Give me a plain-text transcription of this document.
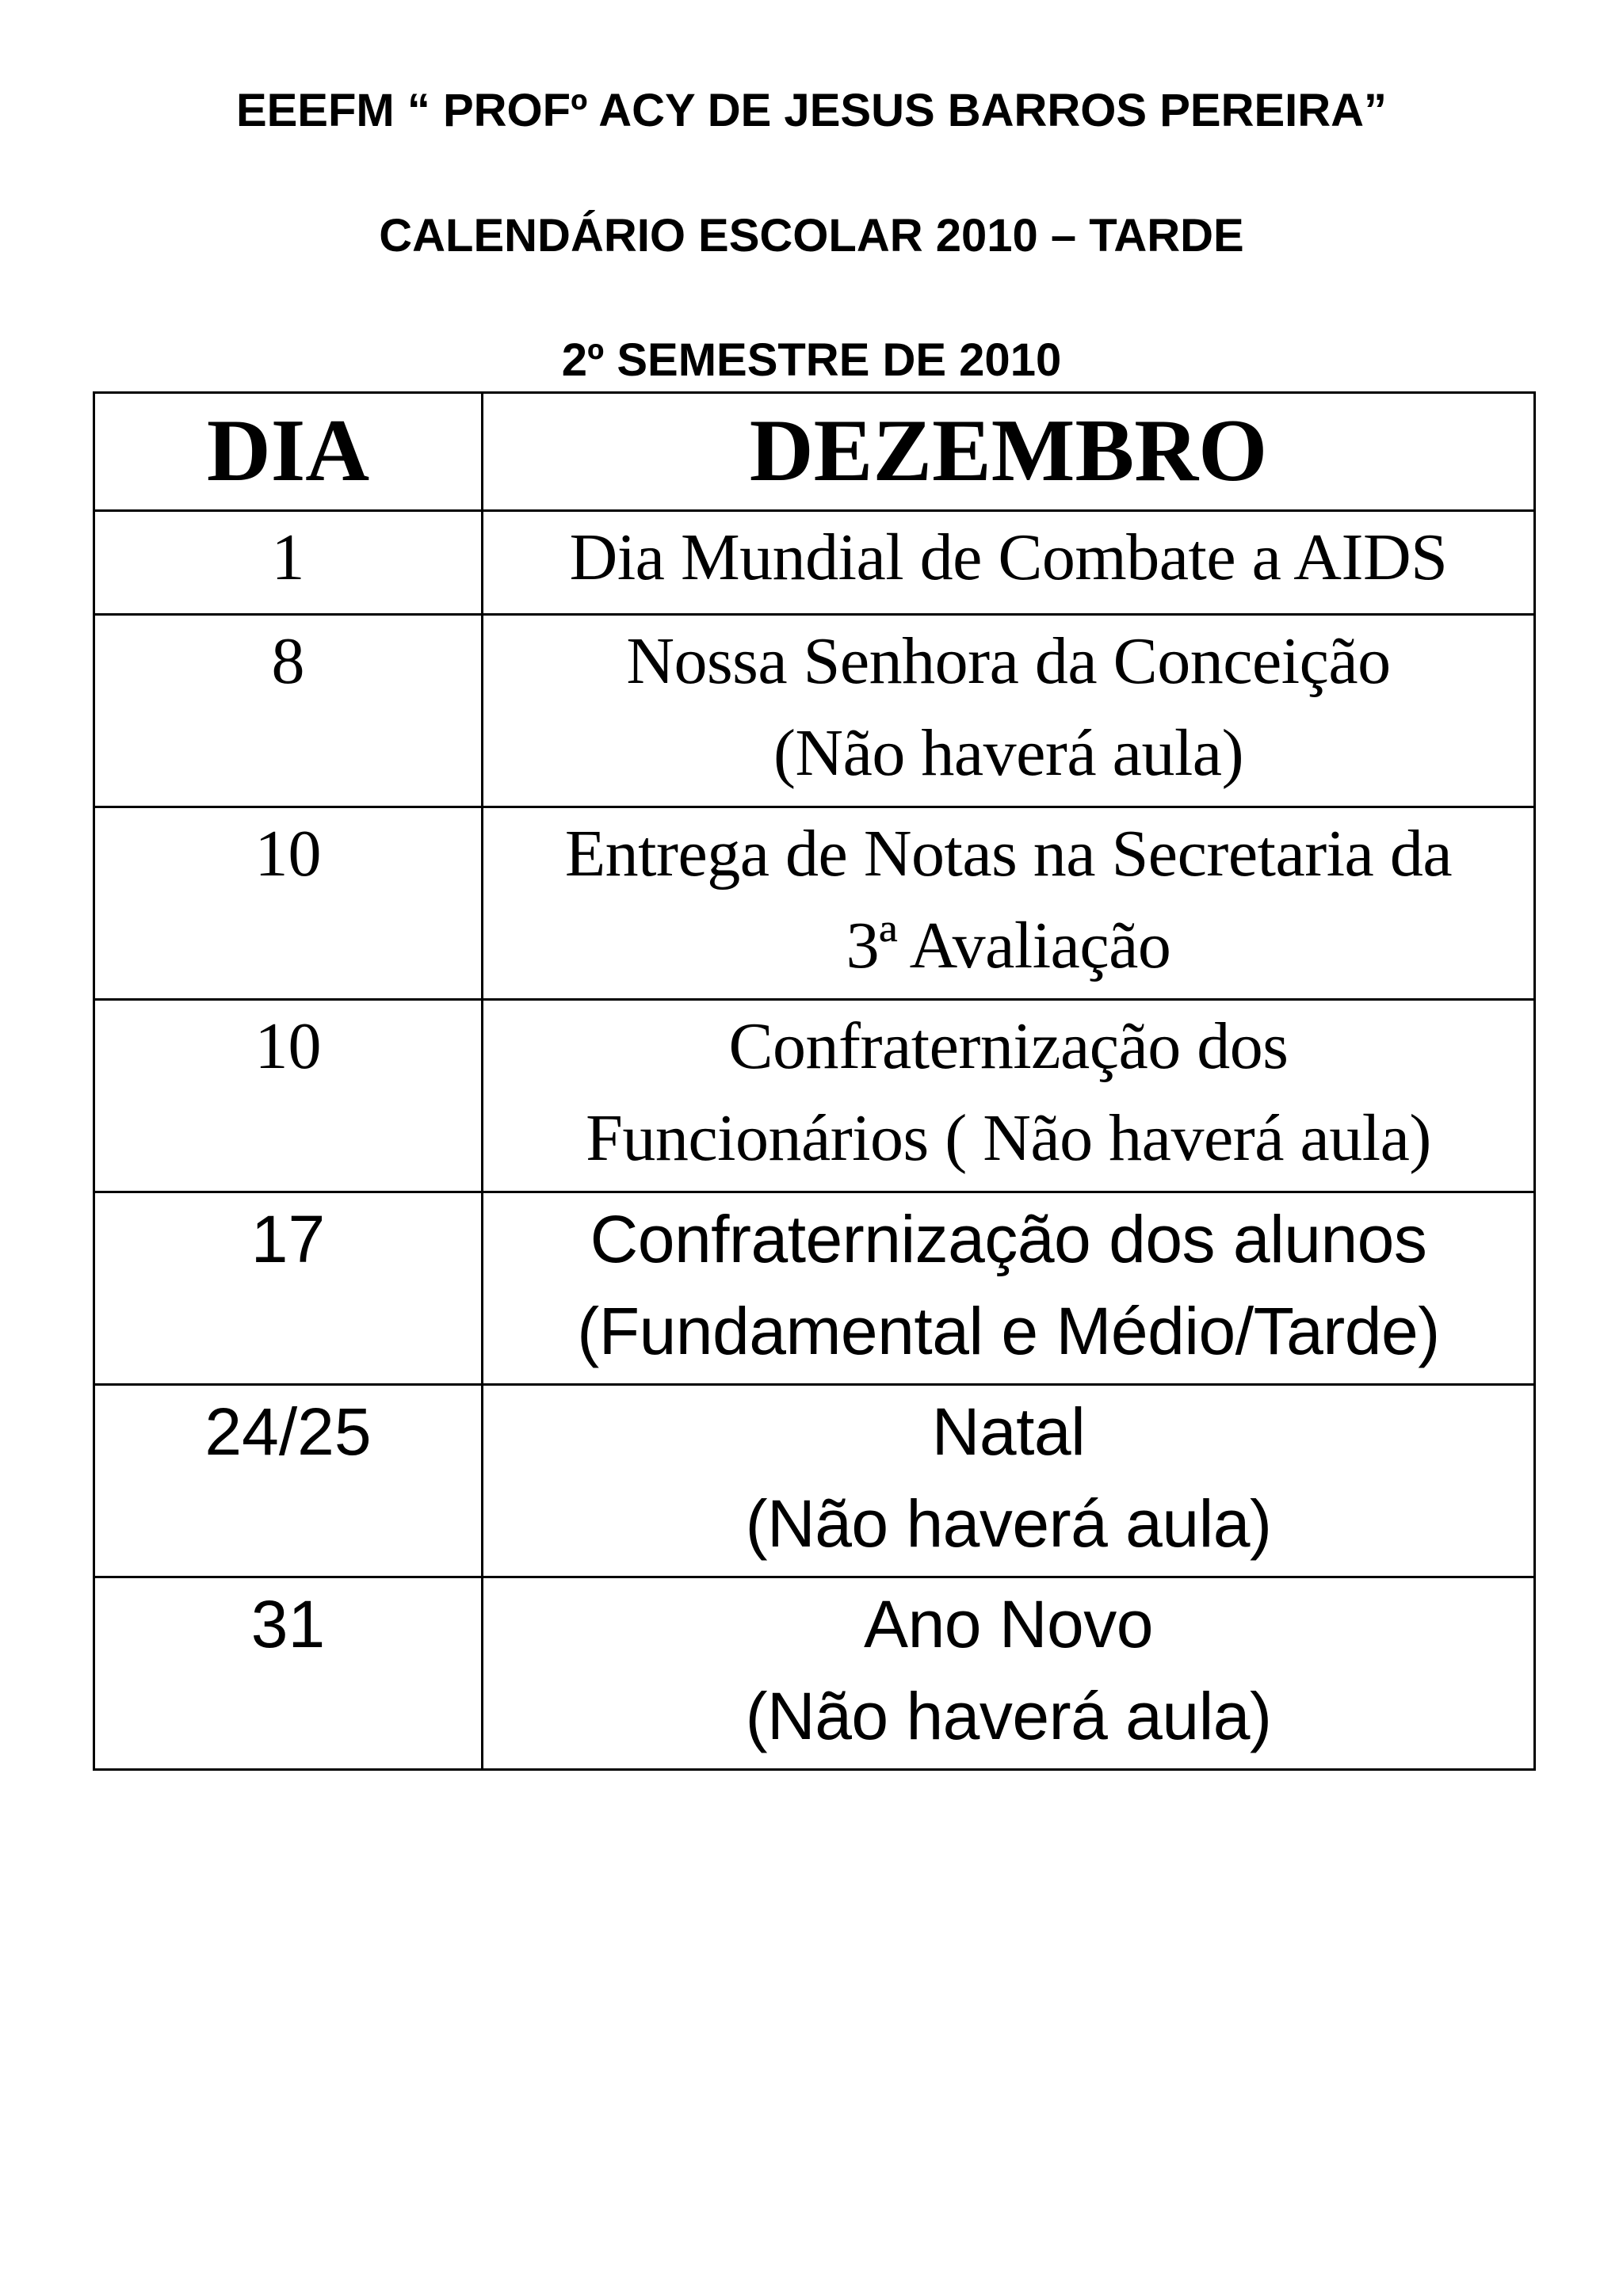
EEEFM “ PROFº ACY DE JESUS BARROS PEREIRA”
CALENDÁRIO ESCOLAR 2010 – TARDE
2º SEMESTRE DE 2010
DIA	DEZEMBRO
1	Dia Mundial de Combate a AIDS

8	Nossa Senhora da Conceição
(Não haverá aula)

10	Entrega de Notas na Secretaria da
3ª Avaliação

10	Confraternização dos
Funcionários ( Não haverá aula)

17	Confraternização dos alunos
(Fundamental e Médio/Tarde)

24/25	Natal
(Não haverá aula)

31	Ano Novo
(Não haverá aula)
